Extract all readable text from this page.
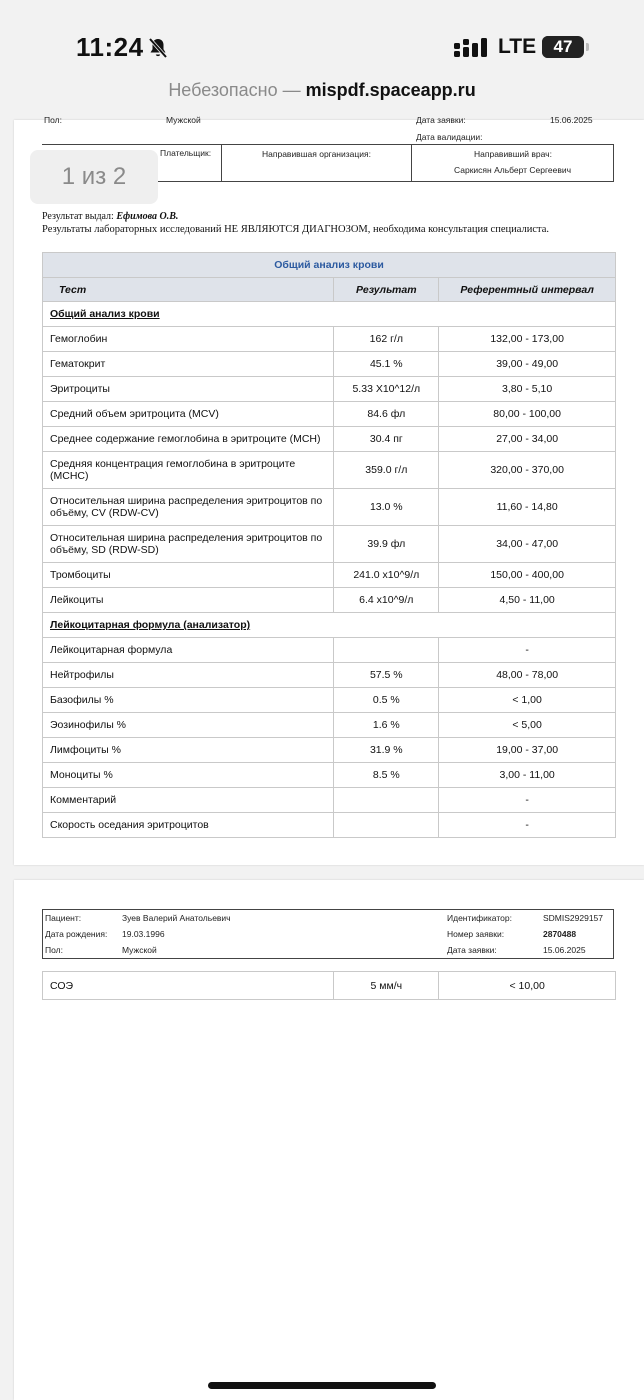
11:24	LTE	47
Небезопасно — mispdf.spaceapp.ru
Пол:	Мужской	Дата заявки:	15.06.2025
Дата валидации:
Плательщик:	Направившая организация:	Направивший врач:
Саркисян Альберт Сергеевич
1 из 2
Результат выдал: Ефимова О.В.
Результаты лабораторных исследований НЕ ЯВЛЯЮТСЯ ДИАГНОЗОМ, необходима консультация специалиста.
Общий анализ крови		
Тест	Результат	Референтный интервал
Общий анализ крови		
Гемоглобин	162 г/л	132,00 - 173,00
Гематокрит	45.1 %	39,00 - 49,00
Эритроциты	5.33 X10^12/л	3,80 - 5,10
Средний объем эритроцита (MCV)	84.6 фл	80,00 - 100,00
Среднее содержание гемоглобина в эритроците (MCH)	30.4 пг	27,00 - 34,00
Средняя концентрация гемоглобина в эритроците (MCHC)	359.0 г/л	320,00 - 370,00
Относительная ширина распределения эритроцитов по объёму, CV (RDW-CV)	13.0 %	11,60 - 14,80
Относительная ширина распределения эритроцитов по объёму, SD (RDW-SD)	39.9 фл	34,00 - 47,00
Тромбоциты	241.0 х10^9/л	150,00 - 400,00
Лейкоциты	6.4 х10^9/л	4,50 - 11,00
Лейкоцитарная формула (анализатор)		
Лейкоцитарная формула		-
Нейтрофилы	57.5 %	48,00 - 78,00
Базофилы %	0.5 %	< 1,00
Эозинофилы %	1.6 %	< 5,00
Лимфоциты %	31.9 %	19,00 - 37,00
Моноциты %	8.5 %	3,00 - 11,00
Комментарий		-
Скорость оседания эритроцитов		-
Пациент:	Зуев Валерий Анатольевич
Дата рождения: 19.03.1996
Пол:	Мужской
Идентификатор:	SDMIS2929157
Номер заявки:	2870488
Дата заявки:	15.06.2025
СОЭ	5 мм/ч	< 10,00
